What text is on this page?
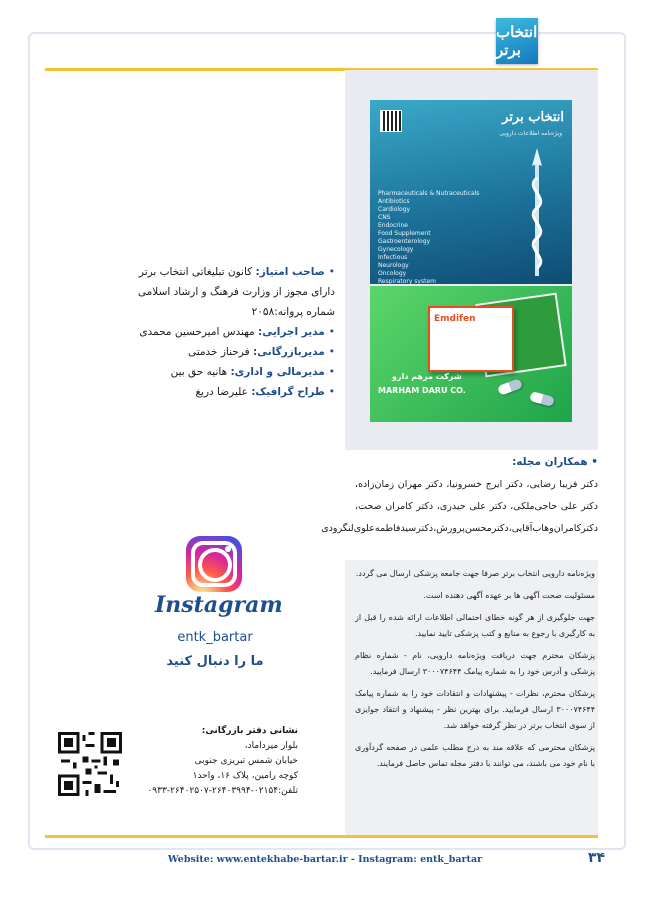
انتخاب برتر
انتخاب برتر
ویژه‌نامه اطلاعات دارویی
Pharmaceuticals & Nutraceuticals
Antibiotics
Cardiology
CNS
Endocrine
Food Supplement
Gastroenterology
Gynecology
Infectious
Neurology
Oncology
Respiratory system
Emdifen
شرکت مرهم دارو
MARHAM DARU CO.
•صاحب امتیاز: کانون تبلیغاتی انتخاب برتر دارای مجوز از وزارت فرهنگ و ارشاد اسلامی شماره پروانه:۲۰۵۸
•مدیر اجرایی: مهندس امیرحسین محمدی
•مدیربازرگانی: فرحناز خدمتی
•مدیرمالی و اداری: هانیه حق بین
•طراح گرافیک: علیرضا دریغ
• همکاران مجله:
دکتر فریبا رضایی، دکتر ایرج خسرونیا، دکتر مهران زمان‌زاده، دکتر علی حاجی‌ملکی، دکتر علی حیدری، دکتر کامران صحت، دکترکامران‌وهاب‌آقایی،دکترمحسن‌پرورش،دکترسیدفاطمه‌علوی‌لنگرودی

ویژه‌نامه دارویی انتخاب برتر صرفا جهت جامعه پزشکی ارسال می گردد.

مسئولیت صحت آگهی ها بر عهده آگهی دهنده است.

جهت جلوگیری از هر گونه خطای احتمالی اطلاعات ارائه شده را قبل از به کارگیری با رجوع به منابع و کتب پزشکی تایید نمایید.

پزشکان محترم جهت دریافت ویژه‌نامه دارویی، نام - شماره نظام پزشکی و آدرس خود را به شماره پیامک ۳۰۰۰۷۴۶۴۴ ارسال فرمایید.

پزشکان محترم، نظرات - پیشنهادات و انتقادات خود را به شماره پیامک ۳۰۰۰۷۴۶۴۴ ارسال فرمایید. برای بهترین نظر - پیشنهاد و انتقاد جوایزی از سوی انتخاب برتر در نظر گرفته خواهد شد.

پزشکان محترمی که علاقه مند به درج مطلب علمی در صفحه گردآوری با نام خود می باشند، می توانند با دفتر مجله تماس حاصل فرمایند.

Instagram
entk_bartar
ما را دنبال کنید
نشانی دفتر بازرگانی:
بلوار میرداماد،
خیابان شمس تبریزی جنوبی
کوچه رامین، پلاک ۱۶، واحد۱
تلفن:۰۲۱۵۴-۲۶۴۰۳۹۹۴-۲۶۴۰۲۵۰۷-۰۹۳۳
Website: www.entekhabe-bartar.ir - Instagram: entk_bartar	۳۴
